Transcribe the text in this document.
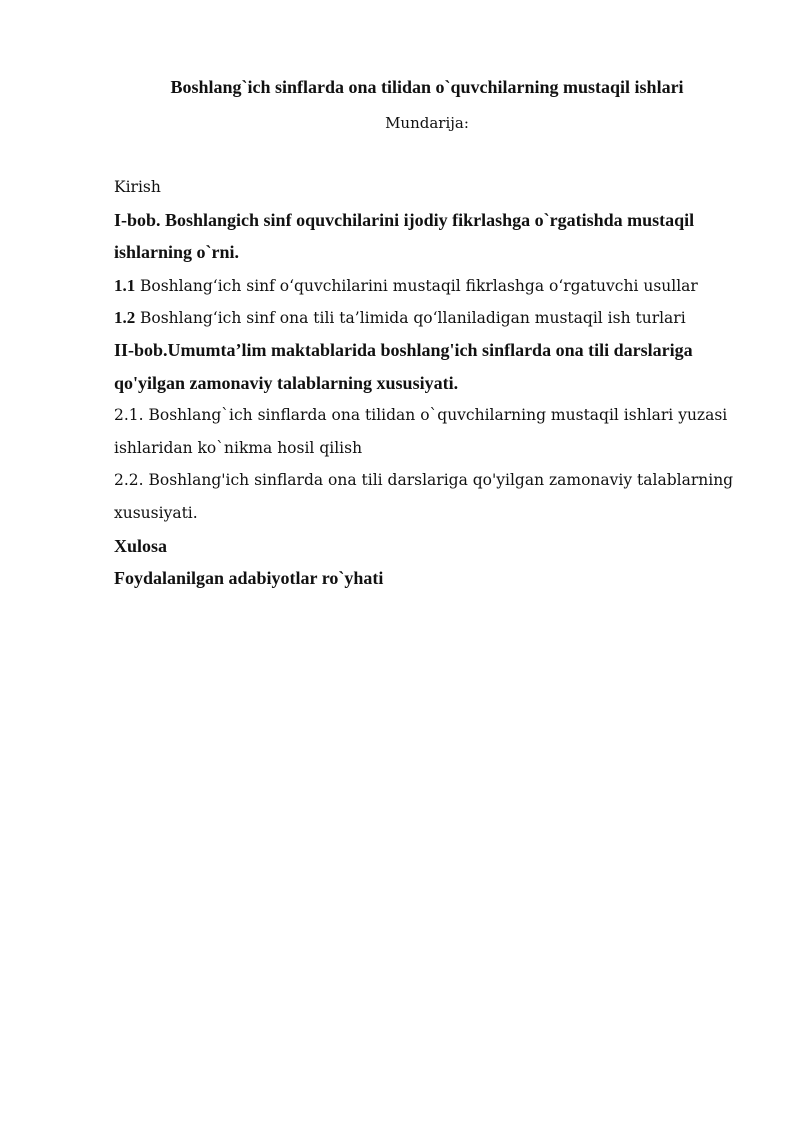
Boshlang`ich sinflarda ona tilidan o`quvchilarning mustaqil ishlari
Mundarija:
Kirish
I-bob. Boshlangich sinf oquvchilarini ijodiy fikrlashga o`rgatishda mustaqil
ishlarning o`rni.
1.1 Boshlang‘ich sinf o‘quvchilarini mustaqil fikrlashga o‘rgatuvchi usullar
1.2 Boshlang‘ich sinf ona tili ta’limida qo‘llaniladigan mustaqil ish turlari
II-bob.Umumta’lim maktablarida boshlang'ich sinflarda ona tili darslariga
qo'yilgan zamonaviy talablarning xususiyati.
2.1. Boshlang`ich sinflarda ona tilidan o`quvchilarning mustaqil ishlari yuzasi
ishlaridan ko`nikma hosil qilish
2.2. Boshlang'ich sinflarda ona tili darslariga qo'yilgan zamonaviy talablarning
xususiyati.
Xulosa
Foydalanilgan adabiyotlar ro`yhati
